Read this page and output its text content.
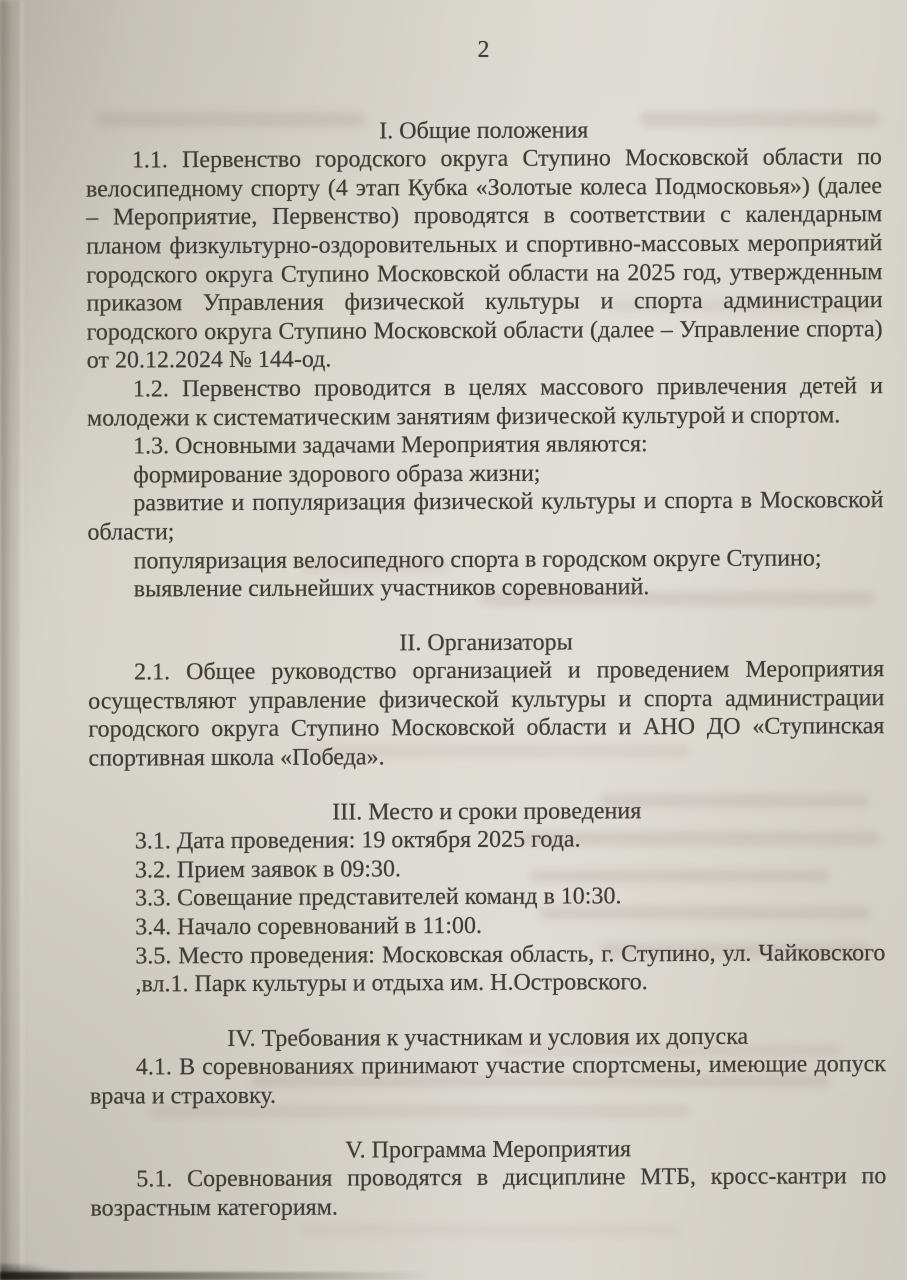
2

I. Общие положения

1.1. Первенство городского округа Ступино Московской области по велосипедному спорту (4 этап Кубка «Золотые колеса Подмосковья») (далее – Мероприятие, Первенство) проводятся в соответствии с календарным планом физкультурно-оздоровительных и спортивно-массовых мероприятий городского округа Ступино Московской области на 2025 год, утвержденным приказом Управления физической культуры и спорта администрации городского округа Ступино Московской области (далее – Управление спорта) от 20.12.2024 № 144-од.

1.2. Первенство проводится в целях массового привлечения детей и молодежи к систематическим занятиям физической культурой и спортом.

1.3. Основными задачами Мероприятия являются:

формирование здорового образа жизни;

развитие и популяризация физической культуры и спорта в Московской области;

популяризация велосипедного спорта в городском округе Ступино;

выявление сильнейших участников соревнований.

II. Организаторы

2.1. Общее руководство организацией и проведением Мероприятия осуществляют управление физической культуры и спорта администрации городского округа Ступино Московской области и АНО ДО «Ступинская спортивная школа «Победа».

III. Место и сроки проведения

3.1. Дата проведения: 19 октября 2025 года.

3.2. Прием заявок в 09:30.

3.3. Совещание представителей команд в 10:30.

3.4. Начало соревнований в 11:00.

3.5. Место проведения: Московская область, г. Ступино, ул. Чайковского ,вл.1. Парк культуры и отдыха им. Н.Островского.

IV. Требования к участникам и условия их допуска

4.1. В соревнованиях принимают участие спортсмены, имеющие допуск врача и страховку.

V. Программа Мероприятия

5.1. Соревнования проводятся в дисциплине МТБ, кросс-кантри по возрастным категориям.
